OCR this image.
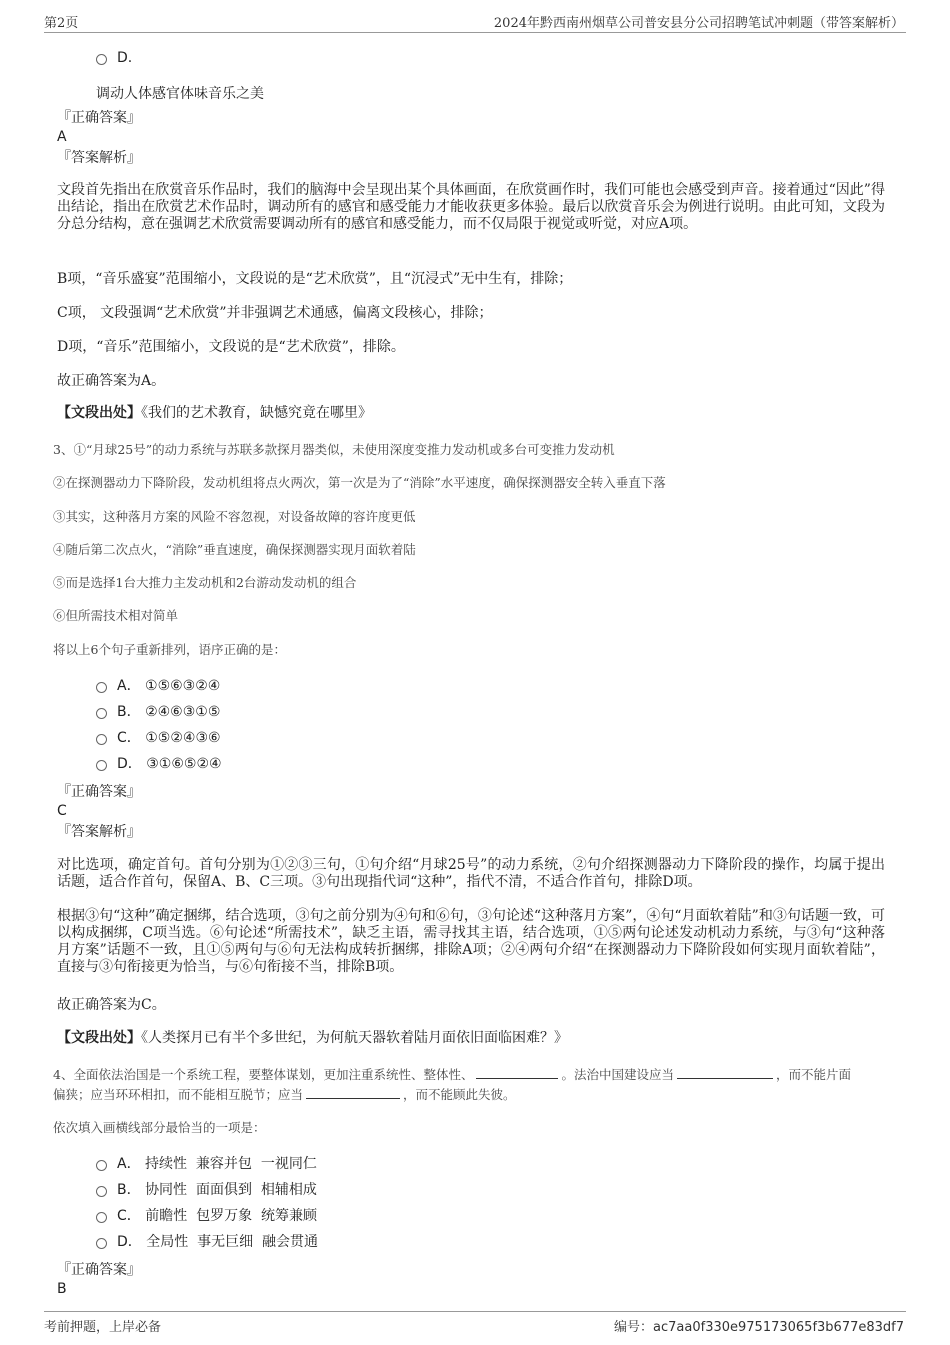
第2页	2024年黔西南州烟草公司普安县分公司招聘笔试冲刺题（带答案解析）
D.
调动人体感官体味音乐之美
『正确答案』
A
『答案解析』
文段首先指出在欣赏音乐作品时，我们的脑海中会呈现出某个具体画面，在欣赏画作时，我们可能也会感受到声音。接着通过“因此”得出结论，指出在欣赏艺术作品时，调动所有的感官和感受能力才能收获更多体验。最后以欣赏音乐会为例进行说明。由此可知，文段为分总分结构，意在强调艺术欣赏需要调动所有的感官和感受能力，而不仅局限于视觉或听觉，对应A项。
B项，“音乐盛宴”范围缩小，文段说的是“艺术欣赏”，且“沉浸式”无中生有，排除；
C项， 文段强调“艺术欣赏”并非强调艺术通感，偏离文段核心，排除；
D项，“音乐”范围缩小，文段说的是“艺术欣赏”，排除。
故正确答案为A。
【文段出处】《我们的艺术教育，缺憾究竟在哪里》
3、①“月球25号”的动力系统与苏联多款探月器类似，未使用深度变推力发动机或多台可变推力发动机
②在探测器动力下降阶段，发动机组将点火两次，第一次是为了“消除”水平速度，确保探测器安全转入垂直下落
③其实，这种落月方案的风险不容忽视，对设备故障的容许度更低
④随后第二次点火，“消除”垂直速度，确保探测器实现月面软着陆
⑤而是选择1台大推力主发动机和2台游动发动机的组合
⑥但所需技术相对简单
将以上6个句子重新排列，语序正确的是：
A． ①⑤⑥③②④
B． ②④⑥③①⑤
C． ①⑤②④③⑥
D． ③①⑥⑤②④
『正确答案』
C
『答案解析』
对比选项，确定首句。首句分别为①②③三句，①句介绍“月球25号”的动力系统，②句介绍探测器动力下降阶段的操作，均属于提出话题，适合作首句，保留A、B、C三项。③句出现指代词“这种”，指代不清，不适合作首句，排除D项。
根据③句“这种”确定捆绑，结合选项，③句之前分别为④句和⑥句，③句论述“这种落月方案”，④句“月面软着陆”和③句话题一致，可以构成捆绑，C项当选。⑥句论述“所需技术”，缺乏主语，需寻找其主语，结合选项，①⑤两句论述发动机动力系统，与③句“这种落月方案”话题不一致，且①⑤两句与⑥句无法构成转折捆绑，排除A项；②④两句介绍“在探测器动力下降阶段如何实现月面软着陆”，直接与③句衔接更为恰当，与⑥句衔接不当，排除B项。
故正确答案为C。
【文段出处】《人类探月已有半个多世纪，为何航天器软着陆月面依旧面临困难？》
4、全面依法治国是一个系统工程，要整体谋划，更加注重系统性、整体性、	。法治中国建设应当	，而不能片面
偏狭；应当环环相扣，而不能相互脱节；应当	，而不能顾此失彼。
依次填入画横线部分最恰当的一项是：
A． 持续性  兼容并包  一视同仁
B． 协同性  面面俱到  相辅相成
C． 前瞻性  包罗万象  统筹兼顾
D． 全局性  事无巨细  融会贯通
『正确答案』
B
考前押题，上岸必备	编号：ac7aa0f330e975173065f3b677e83df7
